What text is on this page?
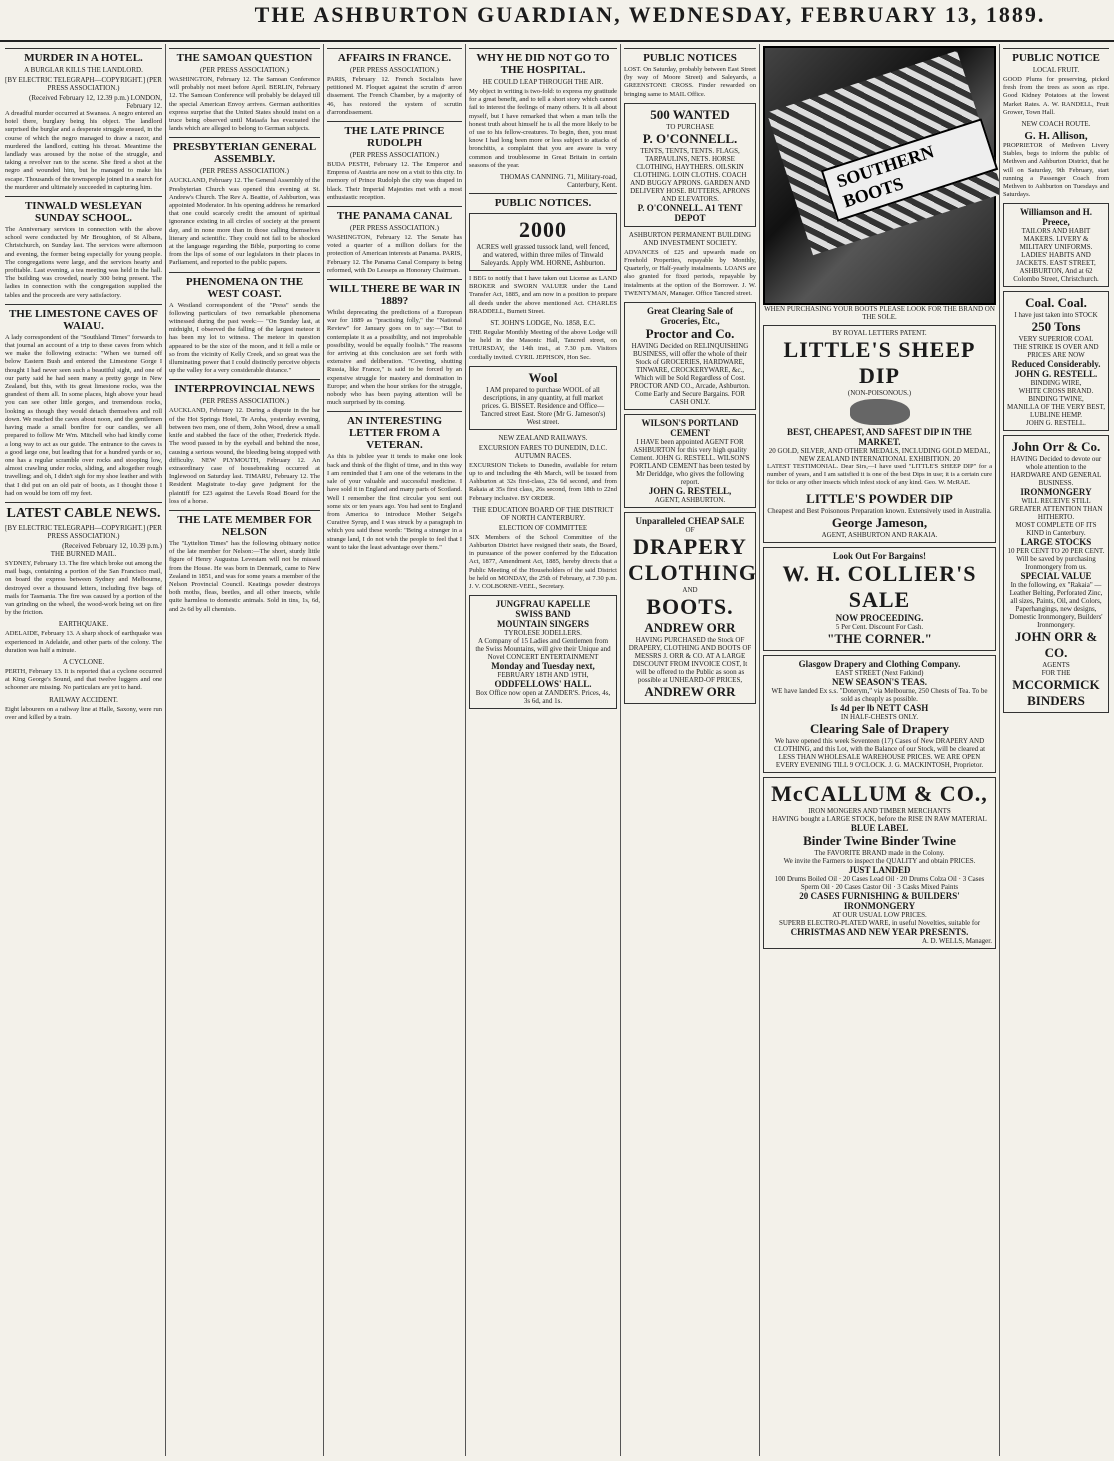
THE ASHBURTON GUARDIAN, WEDNESDAY, FEBRUARY 13, 1889.
MURDER IN A HOTEL.
A BURGLAR KILLS THE LANDLORD.
[BY ELECTRIC TELEGRAPH—COPYRIGHT.] (PER PRESS ASSOCIATION.)
(Received February 12, 12.39 p.m.) LONDON, February 12.

A dreadful murder occurred at Swansea. A negro entered an hotel there, burglary being his object. The landlord surprised the burglar and a desperate struggle ensued, in the course of which the negro managed to draw a razor, and murdered the landlord, cutting his throat. Meantime the landlady was aroused by the noise of the struggle, and taking a revolver ran to the scene. She fired a shot at the negro and wounded him, but he managed to make his escape. Thousands of the townspeople joined in a search for the murderer and ultimately succeeded in capturing him.

TINWALD WESLEYAN SUNDAY SCHOOL.

The Anniversary services in connection with the above school were conducted by Mr Broughton, of St Albans, Christchurch, on Sunday last. The services were afternoon and evening, the former being especially for young people. The congregations were large, and the services hearty and profitable. Last evening, a tea meeting was held in the hall. The building was crowded, nearly 300 being present. The ladies in connection with the congregation supplied the tables and the proceeds are very satisfactory.

THE LIMESTONE CAVES OF WAIAU.

A lady correspondent of the "Southland Times" forwards to that journal an account of a trip to these caves from which we make the following extracts: "When we turned off below Eastern Bush and entered the Limestone Gorge I thought I had never seen such a beautiful sight, and one of our party said he had seen many a pretty gorge in New Zealand, but this, with its great limestone rocks, was the grandest of them all. In some places, high above your head you can see other little gorges, and tremendous rocks, looking as though they would detach themselves and roll down. We reached the caves about noon, and the gentlemen having made a small bonfire for our candles, we all prepared to follow Mr Wm. Mitchell who had kindly come a long way to act as our guide. The entrance to the caves is a good large one, but leading that for a hundred yards or so, one has a regular scramble over rocks and stooping low, almost crawling under rocks, sliding, and altogether rough travelling; and oh, I didn't sigh for my shoe leather and with that I did put on an old pair of boots, as I thought those I had on would be torn off my feet.

LATEST CABLE NEWS.
[BY ELECTRIC TELEGRAPH—COPYRIGHT.] (PER PRESS ASSOCIATION.)
(Received February 12, 10.39 p.m.)
THE BURNED MAIL.

SYDNEY, February 13. The fire which broke out among the mail bags, containing a portion of the San Francisco mail, on board the express between Sydney and Melbourne, destroyed over a thousand letters, including five bags of mails for Tasmania. The fire was caused by a portion of the van grinding on the wheel, the wood-work being set on fire by the friction.

EARTHQUAKE.

ADELAIDE, February 13. A sharp shock of earthquake was experienced in Adelaide, and other parts of the colony. The duration was half a minute.

A CYCLONE.

PERTH, February 13. It is reported that a cyclone occurred at King George's Sound, and that twelve luggers and one schooner are missing. No particulars are yet to hand.

RAILWAY ACCIDENT.

Eight labourers on a railway line at Halle, Saxony, were run over and killed by a train.

THE SAMOAN QUESTION
(PER PRESS ASSOCIATION.)

WASHINGTON, February 12. The Samoan Conference will probably not meet before April. BERLIN, February 12. The Samoan Conference will probably be delayed till the special American Envoy arrives. German authorities express surprise that the United States should insist on a truce being observed until Mataafa has evacuated the lands which are alleged to belong to German subjects.

PRESBYTERIAN GENERAL ASSEMBLY.
(PER PRESS ASSOCIATION.)

AUCKLAND, February 12. The General Assembly of the Presbyterian Church was opened this evening at St. Andrew's Church. The Rev A. Beattie, of Ashburton, was appointed Moderator. In his opening address he remarked that one could scarcely credit the amount of spiritual ignorance existing in all circles of society at the present day, and in none more than in those calling themselves literary and scientific. They could not fail to be shocked at the language regarding the Bible, purporting to come from the lips of some of our legislators in their places in Parliament, and reported to the public papers.

PHENOMENA ON THE WEST COAST.

A Westland correspondent of the "Press" sends the following particulars of two remarkable phenomena witnessed during the past week:— "On Sunday last, at midnight, I observed the falling of the largest meteor it has been my lot to witness. The meteor in question appeared to be the size of the moon, and it fell a mile or so from the vicinity of Kelly Creek, and so great was the illuminating power that I could distinctly perceive objects up the valley for a very considerable distance."

INTERPROVINCIAL NEWS
(PER PRESS ASSOCIATION.)

AUCKLAND, February 12. During a dispute in the bar of the Hot Springs Hotel, Te Aroha, yesterday evening, between two men, one of them, John Wood, drew a small knife and stabbed the face of the other, Frederick Hyde. The wood passed in by the eyeball and behind the nose, causing a serious wound, the bleeding being stopped with difficulty. NEW PLYMOUTH, February 12. An extraordinary case of housebreaking occurred at Inglewood on Saturday last. TIMARU, February 12. The Resident Magistrate to-day gave judgment for the plaintiff for £23 against the Levels Road Board for the loss of a horse.

THE LATE MEMBER FOR NELSON

The "Lyttelton Times" has the following obituary notice of the late member for Nelson:—The short, sturdy little figure of Henry Augustus Levestam will not be missed from the House. He was born in Denmark, came to New Zealand in 1851, and was for some years a member of the Nelson Provincial Council. Keatings powder destroys both moths, fleas, beetles, and all other insects, while quite harmless to domestic animals. Sold in tins, 1s, 6d, and 2s 6d by all chemists.

AFFAIRS IN FRANCE.
(PER PRESS ASSOCIATION.)

PARIS, February 12. French Socialists have petitioned M. Floquet against the scrutin d' arron dissement. The French Chamber, by a majority of 46, has restored the system of scrutin d'arrondissement.

THE LATE PRINCE RUDOLPH
(PER PRESS ASSOCIATION.)

BUDA PESTH, February 12. The Emperor and Empress of Austria are now on a visit to this city. In memory of Prince Rudolph the city was draped in black. Their Imperial Majesties met with a most enthusiastic reception.

THE PANAMA CANAL
(PER PRESS ASSOCIATION.)

WASHINGTON, February 12. The Senate has voted a quarter of a million dollars for the protection of American interests at Panama. PARIS, February 12. The Panama Canal Company is being reformed, with Do Lesseps as Honorary Chairman.

WILL THERE BE WAR IN 1889?

Whilst deprecating the predictions of a European war for 1889 as "practising folly," the "National Review" for January goes on to say:—"But to contemplate it as a possibility, and not improbable possibility, would be equally foolish." The reasons for arriving at this conclusion are set forth with extensive and deliberation. "Coveting, shutting Russia, like France," is said to be forced by an expensive struggle for mastery and domination in Europe; and when the hour strikes for the struggle, nobody who has been paying attention will be much surprised by its coming.

AN INTERESTING LETTER FROM A VETERAN.

As this is jubilee year it tends to make one look back and think of the flight of time, and in this way I am reminded that I am one of the veterans in the sale of your valuable and successful medicine. I have sold it in England and many parts of Scotland. Well I remember the first circular you sent out some six or ten years ago. You had sent to England from America to introduce Mother Seigel's Curative Syrup, and I was struck by a paragraph in which you said these words: "Being a stranger in a strange land, I do not wish the people to feel that I want to take the least advantage over them."

WHY HE DID NOT GO TO THE HOSPITAL.
HE COULD LEAP THROUGH THE AIR.

My object in writing is two-fold: to express my gratitude for a great benefit, and to tell a short story which cannot fail to interest the feelings of many others. It is all about myself, but I have remarked that when a man tells the honest truth about himself he is all the more likely to be of use to his fellow-creatures. To begin, then, you must know I had long been more or less subject to attacks of bronchitis, a complaint that you are aware is very common and troublesome in Great Britain in certain seasons of the year.

THOMAS CANNING. 71, Military-road, Canterbury, Kent.
PUBLIC NOTICES.
2000
ACRES well grassed tussock land, well fenced, and watered, within three miles of Tinwald Saleyards. Apply WM. HORNE, Ashburton.

I BEG to notify that I have taken out License as LAND BROKER and SWORN VALUER under the Land Transfer Act, 1885, and am now in a position to prepare all deeds under the above mentioned Act. CHARLES BRADDELL, Burnett Street.

ST. JOHN'S LODGE, No. 1858, E.C.

THE Regular Monthly Meeting of the above Lodge will be held in the Masonic Hall, Tancred street, on THURSDAY, the 14th inst., at 7.30 p.m. Visitors cordially invited. CYRIL JEPHSON, Hon Sec.

Wool
I AM prepared to purchase WOOL of all descriptions, in any quantity, at full market prices. G. BISSET. Residence and Office—Tancred street East. Store (Mr G. Jameson's) West street.
NEW ZEALAND RAILWAYS.
EXCURSION FARES TO DUNEDIN, D.I.C. AUTUMN RACES.

EXCURSION Tickets to Dunedin, available for return up to and including the 4th March, will be issued from Ashburton at 32s first-class, 23s 6d second, and from Rakaia at 35s first class, 26s second, from 18th to 22nd February inclusive. BY ORDER.

THE EDUCATION BOARD OF THE DISTRICT OF NORTH CANTERBURY.
ELECTION OF COMMITTEE

SIX Members of the School Committee of the Ashburton District have resigned their seats, the Board, in pursuance of the power conferred by the Education Act, 1877, Amendment Act, 1885, hereby directs that a Public Meeting of the Householders of the said District be held on MONDAY, the 25th of February, at 7.30 p.m. J. V. COLBORNE-VEEL, Secretary.

JUNGFRAU KAPELLE
SWISS BAND
MOUNTAIN SINGERS
TYROLESE JODELLERS.
A Company of 15 Ladies and Gentlemen from the Swiss Mountains, will give their Unique and Novel CONCERT ENTERTAINMENT
Monday and Tuesday next,
FEBRUARY 18TH AND 19TH,
ODDFELLOWS' HALL.
Box Office now open at ZANDER'S. Prices, 4s, 3s 6d, and 1s.
PUBLIC NOTICES

LOST. On Saturday, probably between East Street (by way of Moore Street) and Saleyards, a GREENSTONE CROSS. Finder rewarded on bringing same to MAIL Office.

500 WANTED
TO PURCHASE
P. O'CONNELL.
TENTS, TENTS, TENTS. FLAGS, TARPAULINS, NETS. HORSE CLOTHING, HAYTHERS. OILSKIN CLOTHING. LOIN CLOTHS. COACH AND BUGGY APRONS. GARDEN AND DELIVERY HOSE. BUTTERS, APRONS AND ELEVATORS.
P. O'CONNELL. A1 TENT DEPOT
ASHBURTON PERMANENT BUILDING AND INVESTMENT SOCIETY.

ADVANCES of £25 and upwards made on Freehold Properties, repayable by Monthly, Quarterly, or Half-yearly instalments. LOANS are also granted for fixed periods, repayable by instalments at the option of the Borrower. J. W. TWENTYMAN, Manager. Office Tancred street.

Great Clearing Sale of Groceries, Etc.,
Proctor and Co.
HAVING Decided on RELINQUISHING BUSINESS, will offer the whole of their Stock of GROCERIES, HARDWARE, TINWARE, CROCKERYWARE, &c., Which will be Sold Regardless of Cost. PROCTOR AND CO., Arcade, Ashburton. Come Early and Secure Bargains. FOR CASH ONLY.
WILSON'S PORTLAND CEMENT
I HAVE been appointed AGENT FOR ASHBURTON for this very high quality Cement. JOHN G. RESTELL. WILSON'S PORTLAND CEMENT has been tested by Mr Deriddge, who gives the following report.
JOHN G. RESTELL,
AGENT, ASHBURTON.
Unparalleled CHEAP SALE
OF
DRAPERY
CLOTHING
AND
BOOTS.
ANDREW ORR
HAVING PURCHASED the Stock OF DRAPERY, CLOTHING AND BOOTS OF MESSRS J. ORR & CO. AT A LARGE DISCOUNT FROM INVOICE COST, It will be offered to the Public as soon as possible at UNHEARD-OF PRICES,
ANDREW ORR
SOUTHERN BOOTS
WHEN PURCHASING YOUR BOOTS PLEASE LOOK FOR THE BRAND ON THE SOLE.
BY ROYAL LETTERS PATENT.
LITTLE'S SHEEP DIP
(NON-POISONOUS.)
BEST, CHEAPEST, AND SAFEST DIP IN THE MARKET.
20 GOLD, SILVER, AND OTHER MEDALS, INCLUDING GOLD MEDAL, NEW ZEALAND INTERNATIONAL EXHIBITION. 20
LATEST TESTIMONIAL. Dear Sirs,—I have used "LITTLE'S SHEEP DIP" for a number of years, and I am satisfied it is one of the best Dips in use; it is a certain cure for ticks or any other insects which infest stock of any kind. Geo. W. McRAE.
LITTLE'S POWDER DIP
Cheapest and Best Poisonous Preparation known. Extensively used in Australia.
George Jameson,
AGENT, ASHBURTON AND RAKAIA.
Look Out For Bargains!
W. H. COLLIER'S SALE
NOW PROCEEDING.
5 Per Cent. Discount For Cash.
"THE CORNER."
Glasgow Drapery and Clothing Company.
EAST STREET (Next Fatkind)
NEW SEASON'S TEAS.
WE have landed Ex s.s. "Doterym," via Melbourne, 250 Chests of Tea. To be sold as cheaply as possible.
Is 4d per lb NETT CASH
IN HALF-CHESTS ONLY.
Clearing Sale of Drapery
We have opened this week Seventeen (17) Cases of New DRAPERY AND CLOTHING, and this Lot, with the Balance of our Stock, will be cleared at LESS THAN WHOLESALE WAREHOUSE PRICES. WE ARE OPEN EVERY EVENING TILL 9 O'CLOCK. J. G. MACKINTOSH, Proprietor.
McCALLUM & CO.,
IRON MONGERS AND TIMBER MERCHANTS
HAVING bought a LARGE STOCK, before the RISE IN RAW MATERIAL
BLUE LABEL
Binder Twine Binder Twine
The FAVORITE BRAND made in the Colony.
We invite the Farmers to inspect the QUALITY and obtain PRICES.
JUST LANDED
100 Drums Boiled Oil · 20 Cases Lead Oil · 20 Drums Colza Oil · 3 Cases Sperm Oil · 20 Cases Castor Oil · 3 Casks Mixed Paints
20 CASES FURNISHING & BUILDERS' IRONMONGERY
AT OUR USUAL LOW PRICES.
SUPERB ELECTRO-PLATED WARE, in useful Novelties, suitable for
CHRISTMAS AND NEW YEAR PRESENTS.
A. D. WELLS, Manager.
PUBLIC NOTICE
LOCAL FRUIT.

GOOD Plums for preserving, picked fresh from the trees as soon as ripe. Good Kidney Potatoes at the lowest Market Rates. A. W. RANDELL, Fruit Grower, Town Hall.

NEW COACH ROUTE.
G. H. Allison,

PROPRIETOR of Methven Livery Stables, begs to inform the public of Methven and Ashburton District, that he will on Saturday, 9th February, start running a Passenger Coach from Methven to Ashburton on Tuesdays and Saturdays.

Williamson and H. Preece,
TAILORS AND HABIT MAKERS. LIVERY & MILITARY UNIFORMS. LADIES' HABITS AND JACKETS. EAST STREET, ASHBURTON, And at 62 Colombo Street, Christchurch.
Coal. Coal.
I have just taken into STOCK
250 Tons
VERY SUPERIOR COAL
THE STRIKE IS OVER AND PRICES ARE NOW
Reduced Considerably.
JOHN G. RESTELL.
BINDING WIRE,
WHITE CROSS BRAND.
BINDING TWINE,
MANILLA OF THE VERY BEST,
LUBLINE HEMP.
JOHN G. RESTELL.
John Orr & Co.
HAVING Decided to devote our whole attention to the HARDWARE AND GENERAL BUSINESS.
IRONMONGERY
WILL RECEIVE STILL GREATER ATTENTION THAN HITHERTO.
MOST COMPLETE OF ITS KIND in Canterbury.
LARGE STOCKS
10 PER CENT TO 20 PER CENT. Will be saved by purchasing Ironmongery from us.
SPECIAL VALUE
In the following, ex "Rakaia" — Leather Belting, Perforated Zinc, all sizes, Paints, Oil, and Colors, Paperhangings, new designs, Domestic Ironmongery, Builders' Ironmongery.
JOHN ORR & CO.
AGENTS
FOR THE
MCCORMICK
BINDERS
